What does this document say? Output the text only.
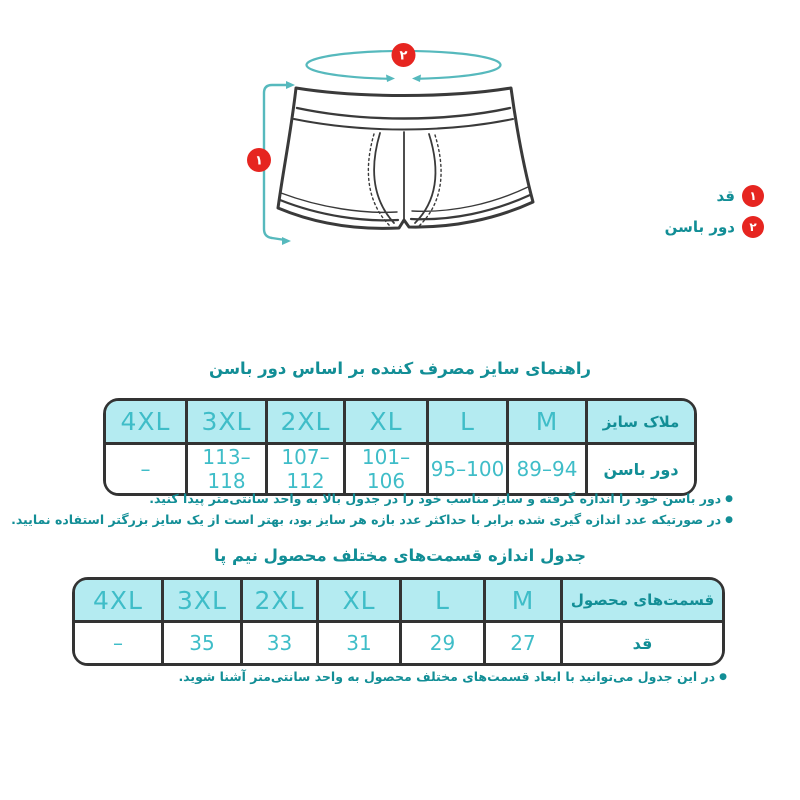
۲
۱
۱
قد
۲
دور باسن
راهنمای سایز مصرف کننده بر اساس دور باسن
4XL	3XL	2XL	XL	L	M	ملاک سایز
–	113–118	107–112	101–106	95–100	89–94	دور باسن
●دور باسن خود را اندازه گرفته و سایز مناسب خود را در جدول بالا به واحد سانتی‌متر پیدا کنید.
●در صورتیکه عدد اندازه گیری شده برابر با حداکثر عدد بازه هر سایز بود، بهتر است از یک سایز بزرگتر استفاده نمایید.
جدول اندازه قسمت‌های مختلف محصول نیم پا
4XL	3XL	2XL	XL	L	M	قسمت‌های محصول
–	35	33	31	29	27	قد
●در این جدول می‌توانید با ابعاد قسمت‌های مختلف محصول به واحد سانتی‌متر آشنا شوید.
